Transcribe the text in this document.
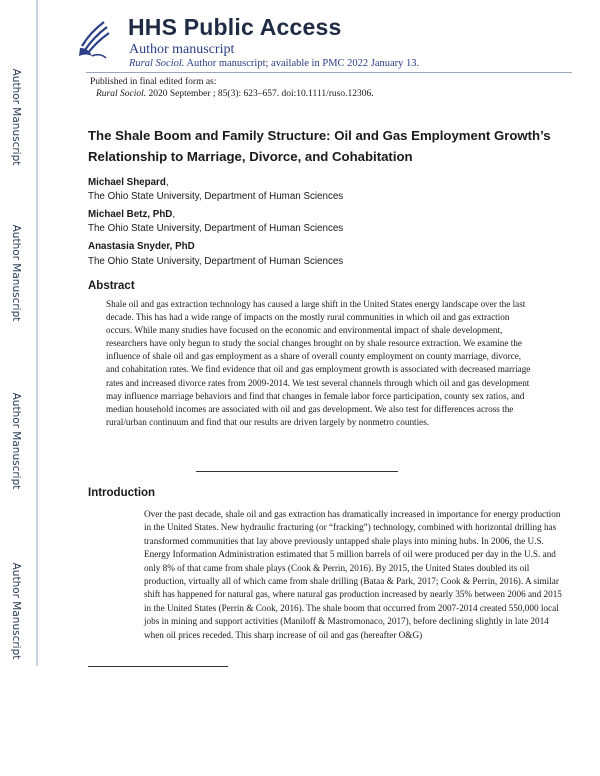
Author Manuscript
Author Manuscript
Author Manuscript
Author Manuscript
HHS Public Access
Author manuscript
Rural Sociol. Author manuscript; available in PMC 2022 January 13.
Published in final edited form as:
Rural Sociol. 2020 September ; 85(3): 623–657. doi:10.1111/ruso.12306.
The Shale Boom and Family Structure: Oil and Gas Employment Growth’s Relationship to Marriage, Divorce, and Cohabitation
Michael Shepard,
The Ohio State University, Department of Human Sciences
Michael Betz, PhD,
The Ohio State University, Department of Human Sciences
Anastasia Snyder, PhD
The Ohio State University, Department of Human Sciences
Abstract

Shale oil and gas extraction technology has caused a large shift in the United States energy landscape over the last decade. This has had a wide range of impacts on the mostly rural communities in which oil and gas extraction occurs. While many studies have focused on the economic and environmental impact of shale development, researchers have only begun to study the social changes brought on by shale resource extraction. We examine the influence of shale oil and gas employment as a share of overall county employment on county marriage, divorce, and cohabitation rates. We find evidence that oil and gas employment growth is associated with decreased marriage rates and increased divorce rates from 2009-2014. We test several channels through which oil and gas development may influence marriage behaviors and find that changes in female labor force participation, county sex ratios, and median household incomes are associated with oil and gas development. We also test for differences across the rural/urban continuum and find that our results are driven largely by nonmetro counties.

Introduction

Over the past decade, shale oil and gas extraction has dramatically increased in importance for energy production in the United States. New hydraulic fracturing (or “fracking”) technology, combined with horizontal drilling has transformed communities that lay above previously untapped shale plays into mining hubs. In 2006, the U.S. Energy Information Administration estimated that 5 million barrels of oil were produced per day in the U.S. and only 8% of that came from shale plays (Cook & Perrin, 2016). By 2015, the United States doubled its oil production, virtually all of which came from shale drilling (Bataa & Park, 2017; Cook & Perrin, 2016). A similar shift has happened for natural gas, where natural gas production increased by nearly 35% between 2006 and 2015 in the United States (Perrin & Cook, 2016). The shale boom that occurred from 2007-2014 created 550,000 local jobs in mining and support activities (Maniloff & Mastromonaco, 2017), before declining slightly in late 2014 when oil prices receded. This sharp increase of oil and gas (hereafter O&G)
